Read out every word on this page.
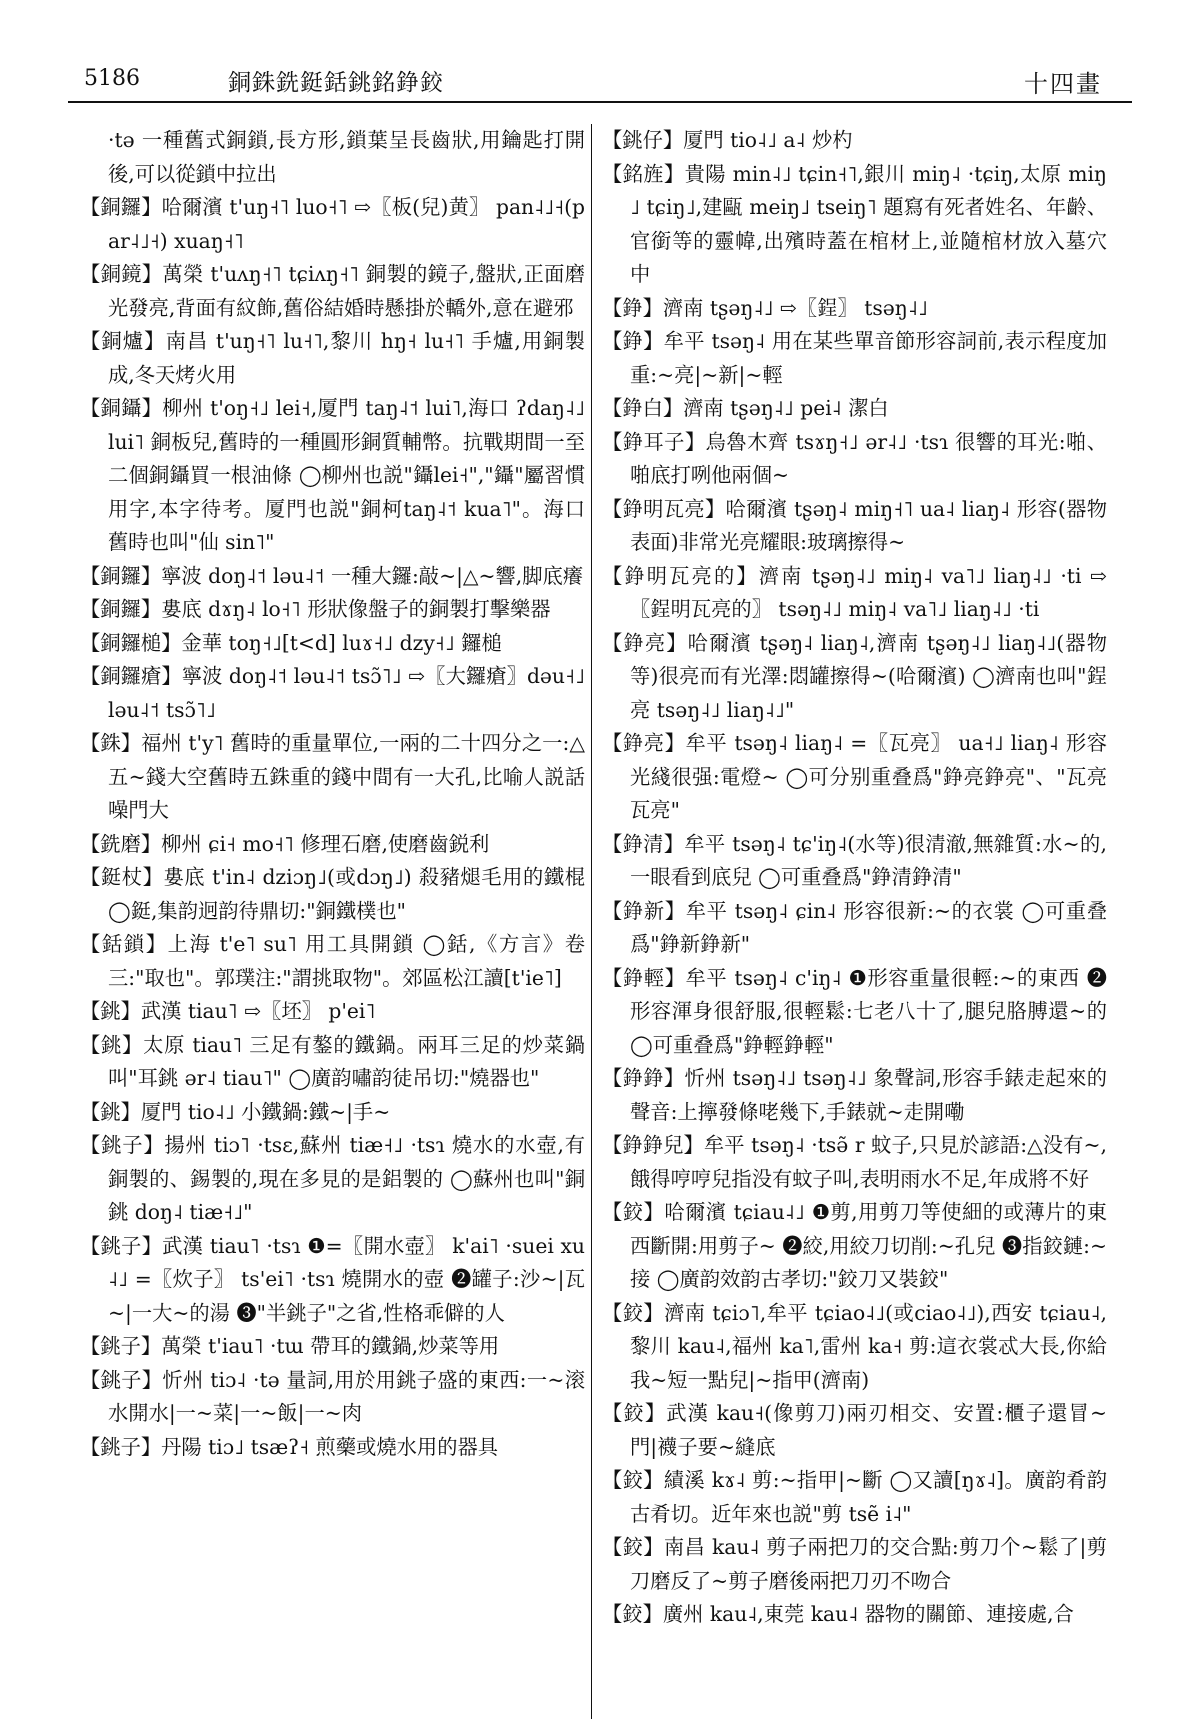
5186	銅銖銑鋌銛銚銘錚鉸	十四畫
·tə 一種舊式銅鎖,長方形,鎖葉呈長齒狀,用鑰匙打開後,可以從鎖中拉出
【銅鑼】哈爾濱 t'uŋ˧˥ luo˧˥ ⇨〖板(兒)黄〗 pan˨˩˧(par˨˩˧) xuaŋ˧˥
【銅鏡】萬榮 t'uʌŋ˧˥ tɕiʌŋ˧˥ 銅製的鏡子,盤狀,正面磨光發亮,背面有紋飾,舊俗結婚時懸掛於轎外,意在避邪
【銅爐】南昌 t'uŋ˧˥ lu˧˥,黎川 hŋ˧ lu˧˥ 手爐,用銅製成,冬天烤火用
【銅鑷】柳州 t'oŋ˧˩ lei˧,厦門 taŋ˨˦ lui˥,海口 ʔdaŋ˨˩ lui˥ 銅板兒,舊時的一種圓形銅質輔幣。抗戰期間一至二個銅鑷買一根油條 ◯柳州也説"鑷lei˧","鑷"屬習慣用字,本字待考。厦門也説"銅柯taŋ˨˦ kua˥"。海口舊時也叫"仙 sin˥"
【銅鑼】寧波 doŋ˨˦ ləu˨˦ 一種大鑼:敲~|△~響,脚底癢
【銅鑼】婁底 dɤŋ˨ lo˧˥ 形狀像盤子的銅製打擊樂器
【銅鑼槌】金華 toŋ˧˩[t<d] luɤ˧˩ dzy˧˩ 鑼槌
【銅鑼瘡】寧波 doŋ˨˦ ləu˨˦ tsɔ̃˥˩ ⇨〖大鑼瘡〗dəu˧˩ ləu˨˦ tsɔ̃˥˩
【銖】福州 t'y˥ 舊時的重量單位,一兩的二十四分之一:△五~錢大空舊時五銖重的錢中間有一大孔,比喻人説話噪門大
【銑磨】柳州 ɕi˧ mo˧˥ 修理石磨,使磨齒鋭利
【鋌杖】婁底 t'in˨ dziɔŋ˩(或dɔŋ˩) 殺豬煺毛用的鐵棍 ◯鋌,集韵迥韵待鼎切:"銅鐵樸也"
【銛鎖】上海 t'e˥ su˥ 用工具開鎖 ◯銛,《方言》卷三:"取也"。郭璞注:"謂挑取物"。郊區松江讀[t'ie˥]
【銚】武漢 tiau˥ ⇨〖坯〗 p'ei˥
【銚】太原 tiau˥ 三足有鏊的鐵鍋。兩耳三足的炒菜鍋叫"耳銚 ər˨ tiau˥" ◯廣韵嘯韵徒吊切:"燒器也"
【銚】厦門 tio˨˩ 小鐵鍋:鐵~|手~
【銚子】揚州 tiɔ˥ ·tsɛ,蘇州 tiæ˧˩ ·tsɿ 燒水的水壺,有銅製的、錫製的,現在多見的是鋁製的 ◯蘇州也叫"銅銚 doŋ˨ tiæ˧˩"
【銚子】武漢 tiau˥ ·tsɿ ❶=〖開水壺〗 k'ai˥ ·suei xu˨˩ =〖炊子〗 ts'ei˥ ·tsɿ 燒開水的壺 ❷罐子:沙~|瓦~|一大~的湯 ❸"半銚子"之省,性格乖僻的人
【銚子】萬榮 t'iau˥ ·tɯ 帶耳的鐵鍋,炒菜等用
【銚子】忻州 tiɔ˨ ·tə 量詞,用於用銚子盛的東西:一~滚水開水|一~菜|一~飯|一~肉
【銚子】丹陽 tiɔ˩ tsæʔ˧ 煎藥或燒水用的器具
【銚仔】厦門 tio˨˩ a˨ 炒杓
【銘旌】貴陽 min˨˩ tɕin˧˥,銀川 miŋ˨ ·tɕiŋ,太原 miŋ˩ tɕiŋ˩,建甌 meiŋ˩ tseiŋ˥ 題寫有死者姓名、年齡、官銜等的靈幃,出殯時蓋在棺材上,並隨棺材放入墓穴中
【錚】濟南 tʂəŋ˨˩ ⇨〖鋥〗 tsəŋ˨˩
【錚】牟平 tsəŋ˨ 用在某些單音節形容詞前,表示程度加重:~亮|~新|~輕
【錚白】濟南 tʂəŋ˨˩ pei˨ 潔白
【錚耳子】烏魯木齊 tsɤŋ˧˩ ər˨˩ ·tsɿ 很響的耳光:啪、啪底打咧他兩個~
【錚明瓦亮】哈爾濱 tʂəŋ˨ miŋ˧˥ ua˨ liaŋ˨ 形容(器物表面)非常光亮耀眼:玻璃擦得~
【錚明瓦亮的】濟南 tʂəŋ˨˩ miŋ˨ va˥˩ liaŋ˨˩ ·ti ⇨〖鋥明瓦亮的〗 tsəŋ˨˩ miŋ˨ va˥˩ liaŋ˨˩ ·ti
【錚亮】哈爾濱 tʂəŋ˨ liaŋ˨,濟南 tʂəŋ˨˩ liaŋ˨˩(器物等)很亮而有光澤:悶罐擦得~(哈爾濱) ◯濟南也叫"鋥亮 tsəŋ˨˩ liaŋ˨˩"
【錚亮】牟平 tsəŋ˨ liaŋ˨ =〖瓦亮〗 ua˧˩ liaŋ˨ 形容光綫很强:電燈~ ◯可分别重叠爲"錚亮錚亮"、"瓦亮瓦亮"
【錚清】牟平 tsəŋ˨ tɕ'iŋ˨(水等)很清澈,無雜質:水~的,一眼看到底兒 ◯可重叠爲"錚清錚清"
【錚新】牟平 tsəŋ˨ ɕin˨ 形容很新:~的衣裳 ◯可重叠爲"錚新錚新"
【錚輕】牟平 tsəŋ˨ c'iŋ˨ ❶形容重量很輕:~的東西 ❷形容渾身很舒服,很輕鬆:七老八十了,腿兒胳膊還~的 ◯可重叠爲"錚輕錚輕"
【錚錚】忻州 tsəŋ˨˩ tsəŋ˨˩ 象聲詞,形容手錶走起來的聲音:上擰發條咾幾下,手錶就~走開嘞
【錚錚兒】牟平 tsəŋ˨ ·tsə̃ r 蚊子,只見於諺語:△没有~,餓得哼哼兒指没有蚊子叫,表明雨水不足,年成將不好
【鉸】哈爾濱 tɕiau˨˩ ❶剪,用剪刀等使細的或薄片的東西斷開:用剪子~ ❷絞,用絞刀切削:~孔兒 ❸指鉸鏈:~接 ◯廣韵效韵古孝切:"鉸刀又裝鉸"
【鉸】濟南 tɕiɔ˥,牟平 tɕiao˨˩(或ciao˨˩),西安 tɕiau˨,黎川 kau˨,福州 ka˥,雷州 ka˧ 剪:這衣裳忒大長,你給我~短一點兒|~指甲(濟南)
【鉸】武漢 kau˧(像剪刀)兩刃相交、安置:櫃子還冒~門|襪子要~縫底
【鉸】績溪 kɤ˨ 剪:~指甲|~斷 ◯又讀[ŋɤ˨]。廣韵肴韵古肴切。近年來也説"剪 tsẽ i˨"
【鉸】南昌 kau˨ 剪子兩把刀的交合點:剪刀个~鬆了|剪刀磨反了~剪子磨後兩把刀刃不吻合
【鉸】廣州 kau˨,東莞 kau˨ 器物的關節、連接處,合
